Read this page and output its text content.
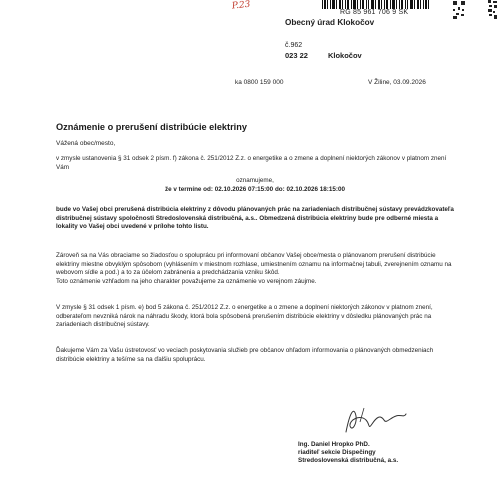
P.23
RG 85 961 706 9 SK
Obecný úrad Klokočov
č.962
023 22	Klokočov
ka 0800 159 000	V Žiline, 03.09.2026
Oznámenie o prerušení distribúcie elektriny
Vážená obec/mesto,
v zmysle ustanovenia § 31 odsek 2 písm. f) zákona č. 251/2012 Z.z. o energetike a o zmene a doplnení niektorých zákonov v platnom znení Vám
oznamujeme,
že v termíne od: 02.10.2026 07:15:00 do: 02.10.2026 18:15:00
bude vo Vašej obci prerušená distribúcia elektriny z dôvodu plánovaných prác na zariadeniach distribučnej sústavy prevádzkovateľa distribučnej sústavy spoločnosti Stredoslovenská distribučná, a.s.. Obmedzená distribúcia elektriny bude pre odberné miesta a lokality vo Vašej obci uvedené v prílohe tohto listu.
Zároveň sa na Vás obraciame so žiadosťou o spoluprácu pri informovaní občanov Vašej obce/mesta o plánovanom prerušení distribúcie elektriny miestne obvyklým spôsobom (vyhlásením v miestnom rozhlase, umiestnením oznamu na informačnej tabuli, zverejnením oznamu na webovom sídle a pod.) a to za účelom zabránenia a predchádzania vzniku škôd.
Toto oznámenie vzhľadom na jeho charakter považujeme za oznámenie vo verejnom záujme.
V zmysle § 31 odsek 1 písm. e) bod 5 zákona č. 251/2012 Z.z. o energetike a o zmene a doplnení niektorých zákonov v platnom znení, odberateľom nevzniká nárok na náhradu škody, ktorá bola spôsobená prerušením distribúcie elektriny v dôsledku plánovaných prác na zariadeniach distribučnej sústavy.
Ďakujeme Vám za Vašu ústretovosť vo veciach poskytovania služieb pre občanov ohľadom informovania o plánovaných obmedzeniach distribúcie elektriny a tešíme sa na ďalšiu spoluprácu.
Ing. Daniel Hropko PhD.
riaditeľ sekcie Dispečingy
Stredoslovenská distribučná, a.s.
